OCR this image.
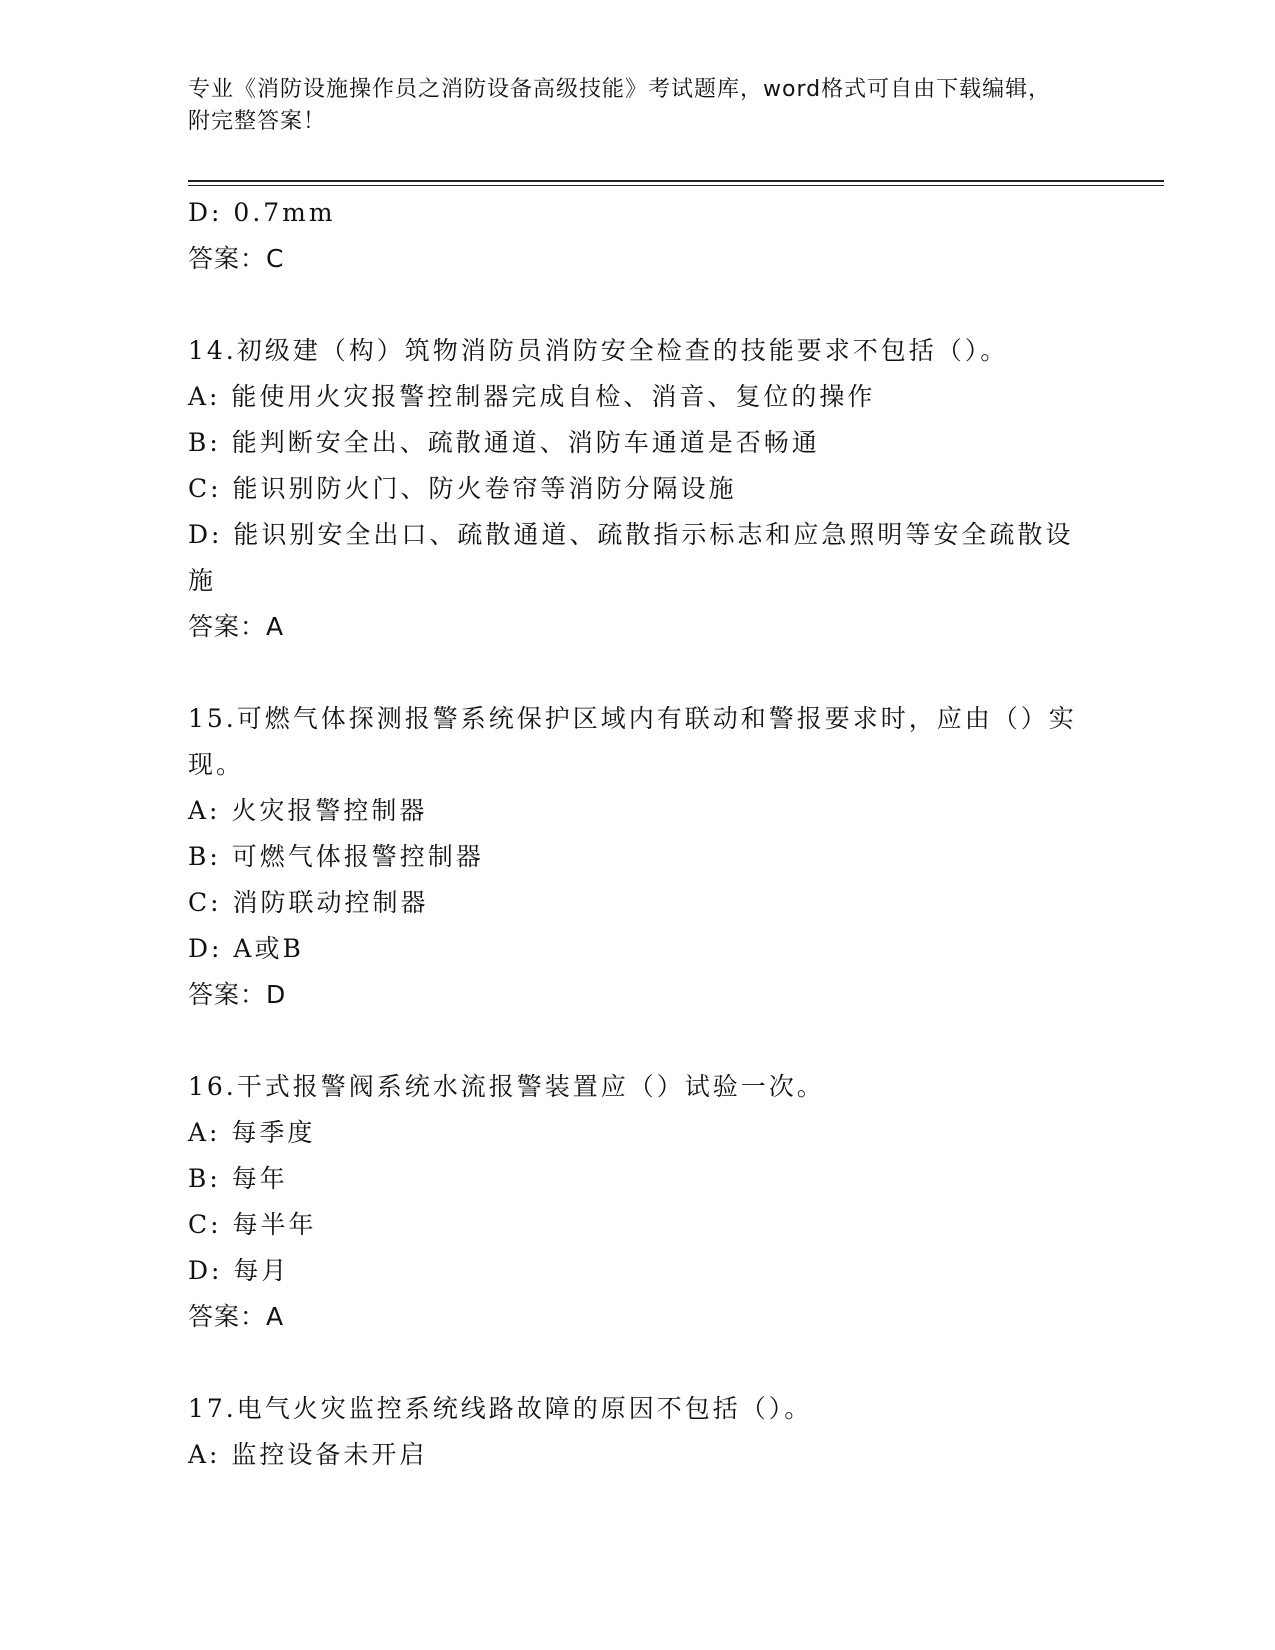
专业《消防设施操作员之消防设备高级技能》考试题库，word格式可自由下载编辑，附完整答案！
D: 0.7mm
答案：C
14.初级建（构）筑物消防员消防安全检查的技能要求不包括（）。
A: 能使用火灾报警控制器完成自检、消音、复位的操作
B: 能判断安全出、疏散通道、消防车通道是否畅通
C: 能识别防火门、防火卷帘等消防分隔设施
D: 能识别安全出口、疏散通道、疏散指示标志和应急照明等安全疏散设施
答案：A
15.可燃气体探测报警系统保护区域内有联动和警报要求时，应由（）实现。
A: 火灾报警控制器
B: 可燃气体报警控制器
C: 消防联动控制器
D: A或B
答案：D
16.干式报警阀系统水流报警装置应（）试验一次。
A: 每季度
B: 每年
C: 每半年
D: 每月
答案：A
17.电气火灾监控系统线路故障的原因不包括（）。
A: 监控设备未开启
